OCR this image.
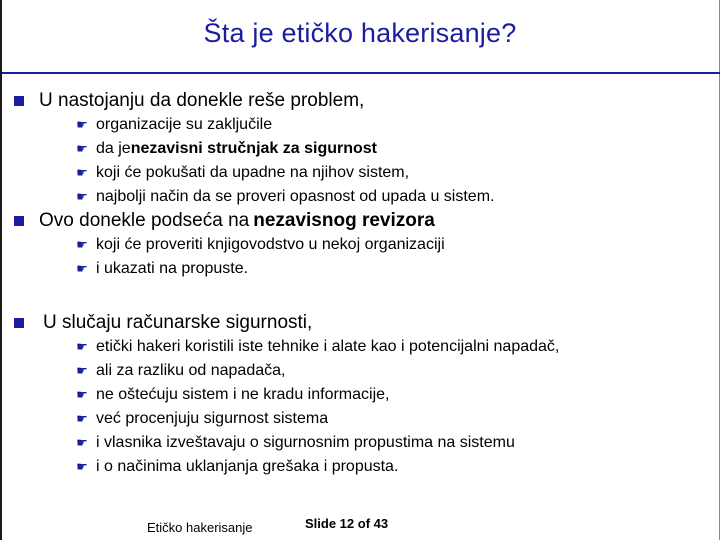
Šta je etičko hakerisanje?
U nastojanju da donekle reše problem,
☛ organizacije su zaključile
☛ da je nezavisni stručnjak za sigurnost
☛ koji će pokušati da upadne na njihov sistem,
☛ najbolji način da se proveri opasnost od upada u sistem.
Ovo donekle podseća na nezavisnog revizora
☛ koji će proveriti knjigovodstvo u nekoj organizaciji
☛ i ukazati na propuste.
U slučaju računarske sigurnosti,
☛ etički hakeri koristili iste tehnike i alate kao i potencijalni napadač,
☛ ali za razliku od napadača,
☛ ne oštećuju sistem i ne kradu informacije,
☛ već procenjuju sigurnost sistema
☛ i vlasnika izveštavaju o sigurnosnim propustima na sistemu
☛ i o načinima uklanjanja grešaka i propusta.
Etičko hakerisanje	Slide 12 of 43
